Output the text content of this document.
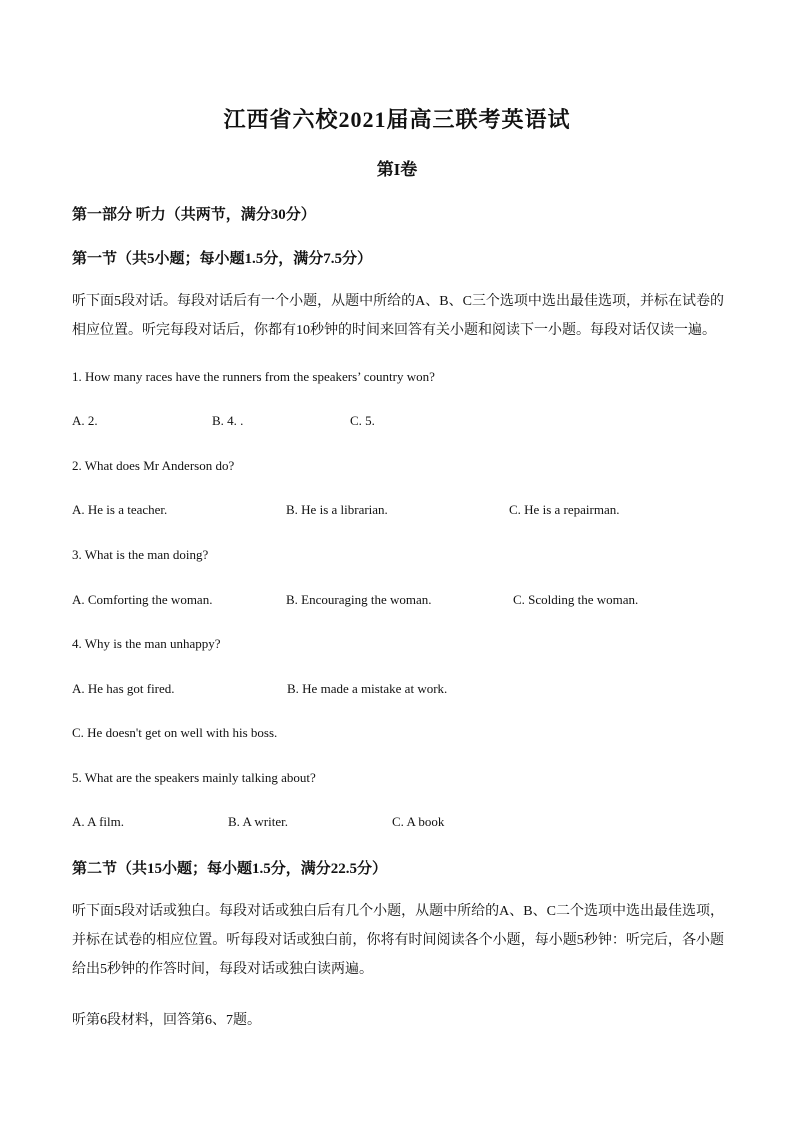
江西省六校2021届高三联考英语试
第I卷
第一部分 听力（共两节，满分30分）
第一节（共5小题；每小题1.5分，满分7.5分）
听下面5段对话。每段对话后有一个小题，从题中所给的A、B、C三个选项中选出最佳选项，并标在试卷的相应位置。听完每段对话后，你都有10秒钟的时间来回答有关小题和阅读下一小题。每段对话仅读一遍。
1. How many races have the runners from the speakers’ country won?
A. 2.	B. 4. .	C. 5.
2. What does Mr Anderson do?
A. He is a teacher.	B. He is a librarian.	C. He is a repairman.
3. What is the man doing?
A. Comforting the woman.	B. Encouraging the woman.	C. Scolding the woman.
4. Why is the man unhappy?
A. He has got fired.	B. He made a mistake at work.
C. He doesn't get on well with his boss.
5. What are the speakers mainly talking about?
A. A film.	B. A writer.	C. A book
第二节（共15小题；每小题1.5分，满分22.5分）
听下面5段对话或独白。每段对话或独白后有几个小题，从题中所给的A、B、C二个选项中选出最佳选项，并标在试卷的相应位置。听每段对话或独白前，你将有时间阅读各个小题，每小题5秒钟：听完后，各小题给出5秒钟的作答时间，每段对话或独白读两遍。
听第6段材料，回答第6、7题。
